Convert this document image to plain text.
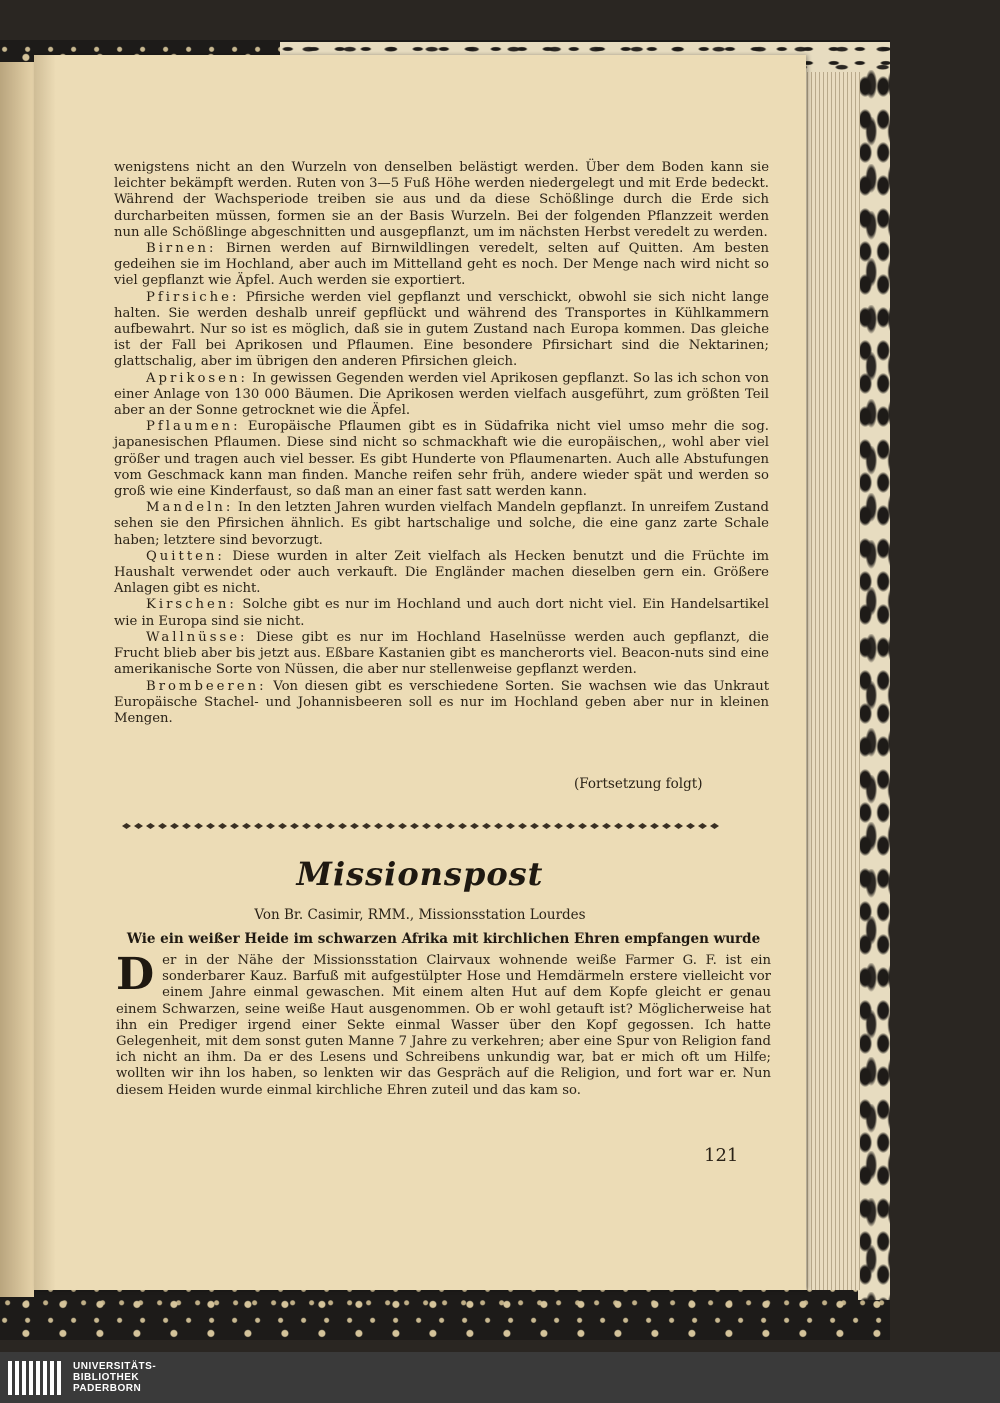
wenigstens nicht an den Wurzeln von denselben belästigt werden. Über dem Boden kann sie leichter bekämpft werden. Ruten von 3—5 Fuß Höhe werden niedergelegt und mit Erde bedeckt. Während der Wachsperiode treiben sie aus und da diese Schößlinge durch die Erde sich durcharbeiten müssen, formen sie an der Basis Wurzeln. Bei der folgenden Pflanzzeit werden nun alle Schößlinge abgeschnitten und ausgepflanzt, um im nächsten Herbst veredelt zu werden.

Birnen: Birnen werden auf Birnwildlingen veredelt, selten auf Quitten. Am besten gedeihen sie im Hochland, aber auch im Mittelland geht es noch. Der Menge nach wird nicht so viel gepflanzt wie Äpfel. Auch werden sie exportiert.

Pfirsiche: Pfirsiche werden viel gepflanzt und verschickt, obwohl sie sich nicht lange halten. Sie werden deshalb unreif gepflückt und während des Transportes in Kühlkammern aufbewahrt. Nur so ist es möglich, daß sie in gutem Zustand nach Europa kommen. Das gleiche ist der Fall bei Aprikosen und Pflaumen. Eine besondere Pfirsichart sind die Nektarinen; glattschalig, aber im übrigen den anderen Pfirsichen gleich.

Aprikosen: In gewissen Gegenden werden viel Aprikosen gepflanzt. So las ich schon von einer Anlage von 130 000 Bäumen. Die Aprikosen werden vielfach ausgeführt, zum größten Teil aber an der Sonne getrocknet wie die Äpfel.

Pflaumen: Europäische Pflaumen gibt es in Südafrika nicht viel umso mehr die sog. japanesischen Pflaumen. Diese sind nicht so schmackhaft wie die europäischen,, wohl aber viel größer und tragen auch viel besser. Es gibt Hunderte von Pflaumenarten. Auch alle Abstufungen vom Geschmack kann man finden. Manche reifen sehr früh, andere wieder spät und werden so groß wie eine Kinderfaust, so daß man an einer fast satt werden kann.

Mandeln: In den letzten Jahren wurden vielfach Mandeln gepflanzt. In unreifem Zustand sehen sie den Pfirsichen ähnlich. Es gibt hartschalige und solche, die eine ganz zarte Schale haben; letztere sind bevorzugt.

Quitten: Diese wurden in alter Zeit vielfach als Hecken benutzt und die Früchte im Haushalt verwendet oder auch verkauft. Die Engländer machen dieselben gern ein. Größere Anlagen gibt es nicht.

Kirschen: Solche gibt es nur im Hochland und auch dort nicht viel. Ein Handelsartikel wie in Europa sind sie nicht.

Wallnüsse: Diese gibt es nur im Hochland Haselnüsse werden auch gepflanzt, die Frucht blieb aber bis jetzt aus. Eßbare Kastanien gibt es mancherorts viel. Beacon-nuts sind eine amerikanische Sorte von Nüssen, die aber nur stellenweise gepflanzt werden.

Brombeeren: Von diesen gibt es verschiedene Sorten. Sie wachsen wie das Unkraut Europäische Stachel- und Johannisbeeren soll es nur im Hochland geben aber nur in kleinen Mengen.

(Fortsetzung folgt)
Missionspost
Von Br. Casimir, RMM., Missionsstation Lourdes
Wie ein weißer Heide im schwarzen Afrika mit kirchlichen Ehren empfangen wurde
Der in der Nähe der Missionsstation Clairvaux wohnende weiße Farmer G. F. ist ein sonderbarer Kauz. Barfuß mit aufgestülpter Hose und Hemdärmeln erstere vielleicht vor einem Jahre einmal gewaschen. Mit einem alten Hut auf dem Kopfe gleicht er genau einem Schwarzen, seine weiße Haut ausgenommen. Ob er wohl getauft ist? Möglicherweise hat ihn ein Prediger irgend einer Sekte einmal Wasser über den Kopf gegossen. Ich hatte Gelegenheit, mit dem sonst guten Manne 7 Jahre zu verkehren; aber eine Spur von Religion fand ich nicht an ihm. Da er des Lesens und Schreibens unkundig war, bat er mich oft um Hilfe; wollten wir ihn los haben, so lenkten wir das Gespräch auf die Religion, und fort war er. Nun diesem Heiden wurde einmal kirchliche Ehren zuteil und das kam so.
121
UNIVERSITÄTS-
BIBLIOTHEK
PADERBORN
